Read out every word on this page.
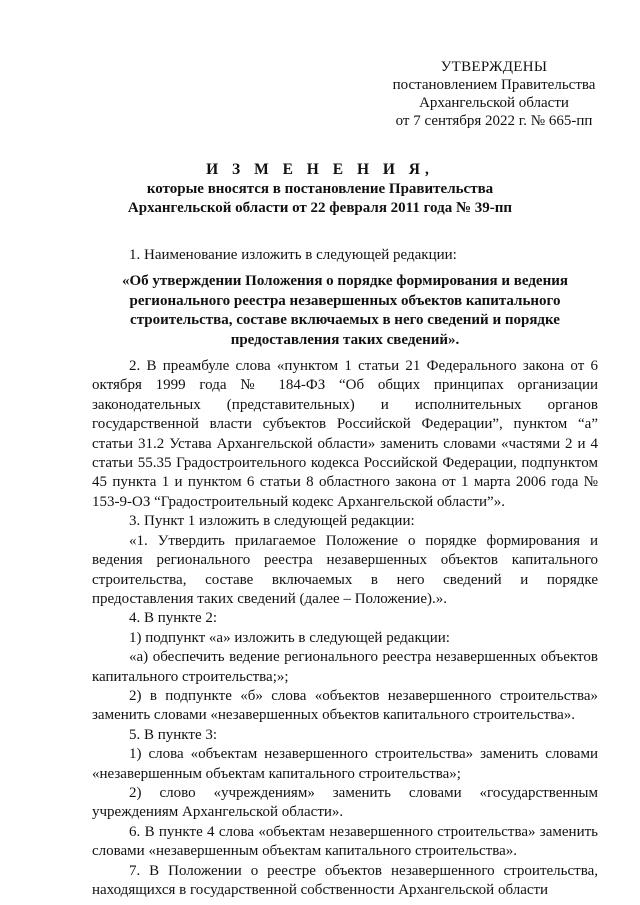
УТВЕРЖДЕНЫ
постановлением Правительства
Архангельской области
от 7 сентября 2022 г. № 665-пп
И З М Е Н Е Н И Я,
которые вносятся в постановление Правительства
Архангельской области от 22 февраля 2011 года № 39-пп

1. Наименование изложить в следующей редакции:

«Об утверждении Положения о порядке формирования и ведения регионального реестра незавершенных объектов капитального строительства, составе включаемых в него сведений и порядке предоставления таких сведений».

2. В преамбуле слова «пунктом 1 статьи 21 Федерального закона от 6 октября 1999 года № 184-ФЗ “Об общих принципах организации законодательных (представительных) и исполнительных органов государственной власти субъектов Российской Федерации”, пунктом “а” статьи 31.2 Устава Архангельской области» заменить словами «частями 2 и 4 статьи 55.35 Градостроительного кодекса Российской Федерации, подпунктом 45 пункта 1 и пунктом 6 статьи 8 областного закона от 1 марта 2006 года № 153-9-ОЗ “Градостроительный кодекс Архангельской области”».

3. Пункт 1 изложить в следующей редакции:

«1. Утвердить прилагаемое Положение о порядке формирования и ведения регионального реестра незавершенных объектов капитального строительства, составе включаемых в него сведений и порядке предоставления таких сведений (далее – Положение).».

4. В пункте 2:

1) подпункт «а» изложить в следующей редакции:

«а) обеспечить ведение регионального реестра незавершенных объектов капитального строительства;»;

2) в подпункте «б» слова «объектов незавершенного строительства» заменить словами «незавершенных объектов капитального строительства».

5. В пункте 3:

1) слова «объектам незавершенного строительства» заменить словами «незавершенным объектам капитального строительства»;

2) слово «учреждениям» заменить словами «государственным учреждениям Архангельской области».

6. В пункте 4 слова «объектам незавершенного строительства» заменить словами «незавершенным объектам капитального строительства».

7. В Положении о реестре объектов незавершенного строительства, находящихся в государственной собственности Архангельской области
